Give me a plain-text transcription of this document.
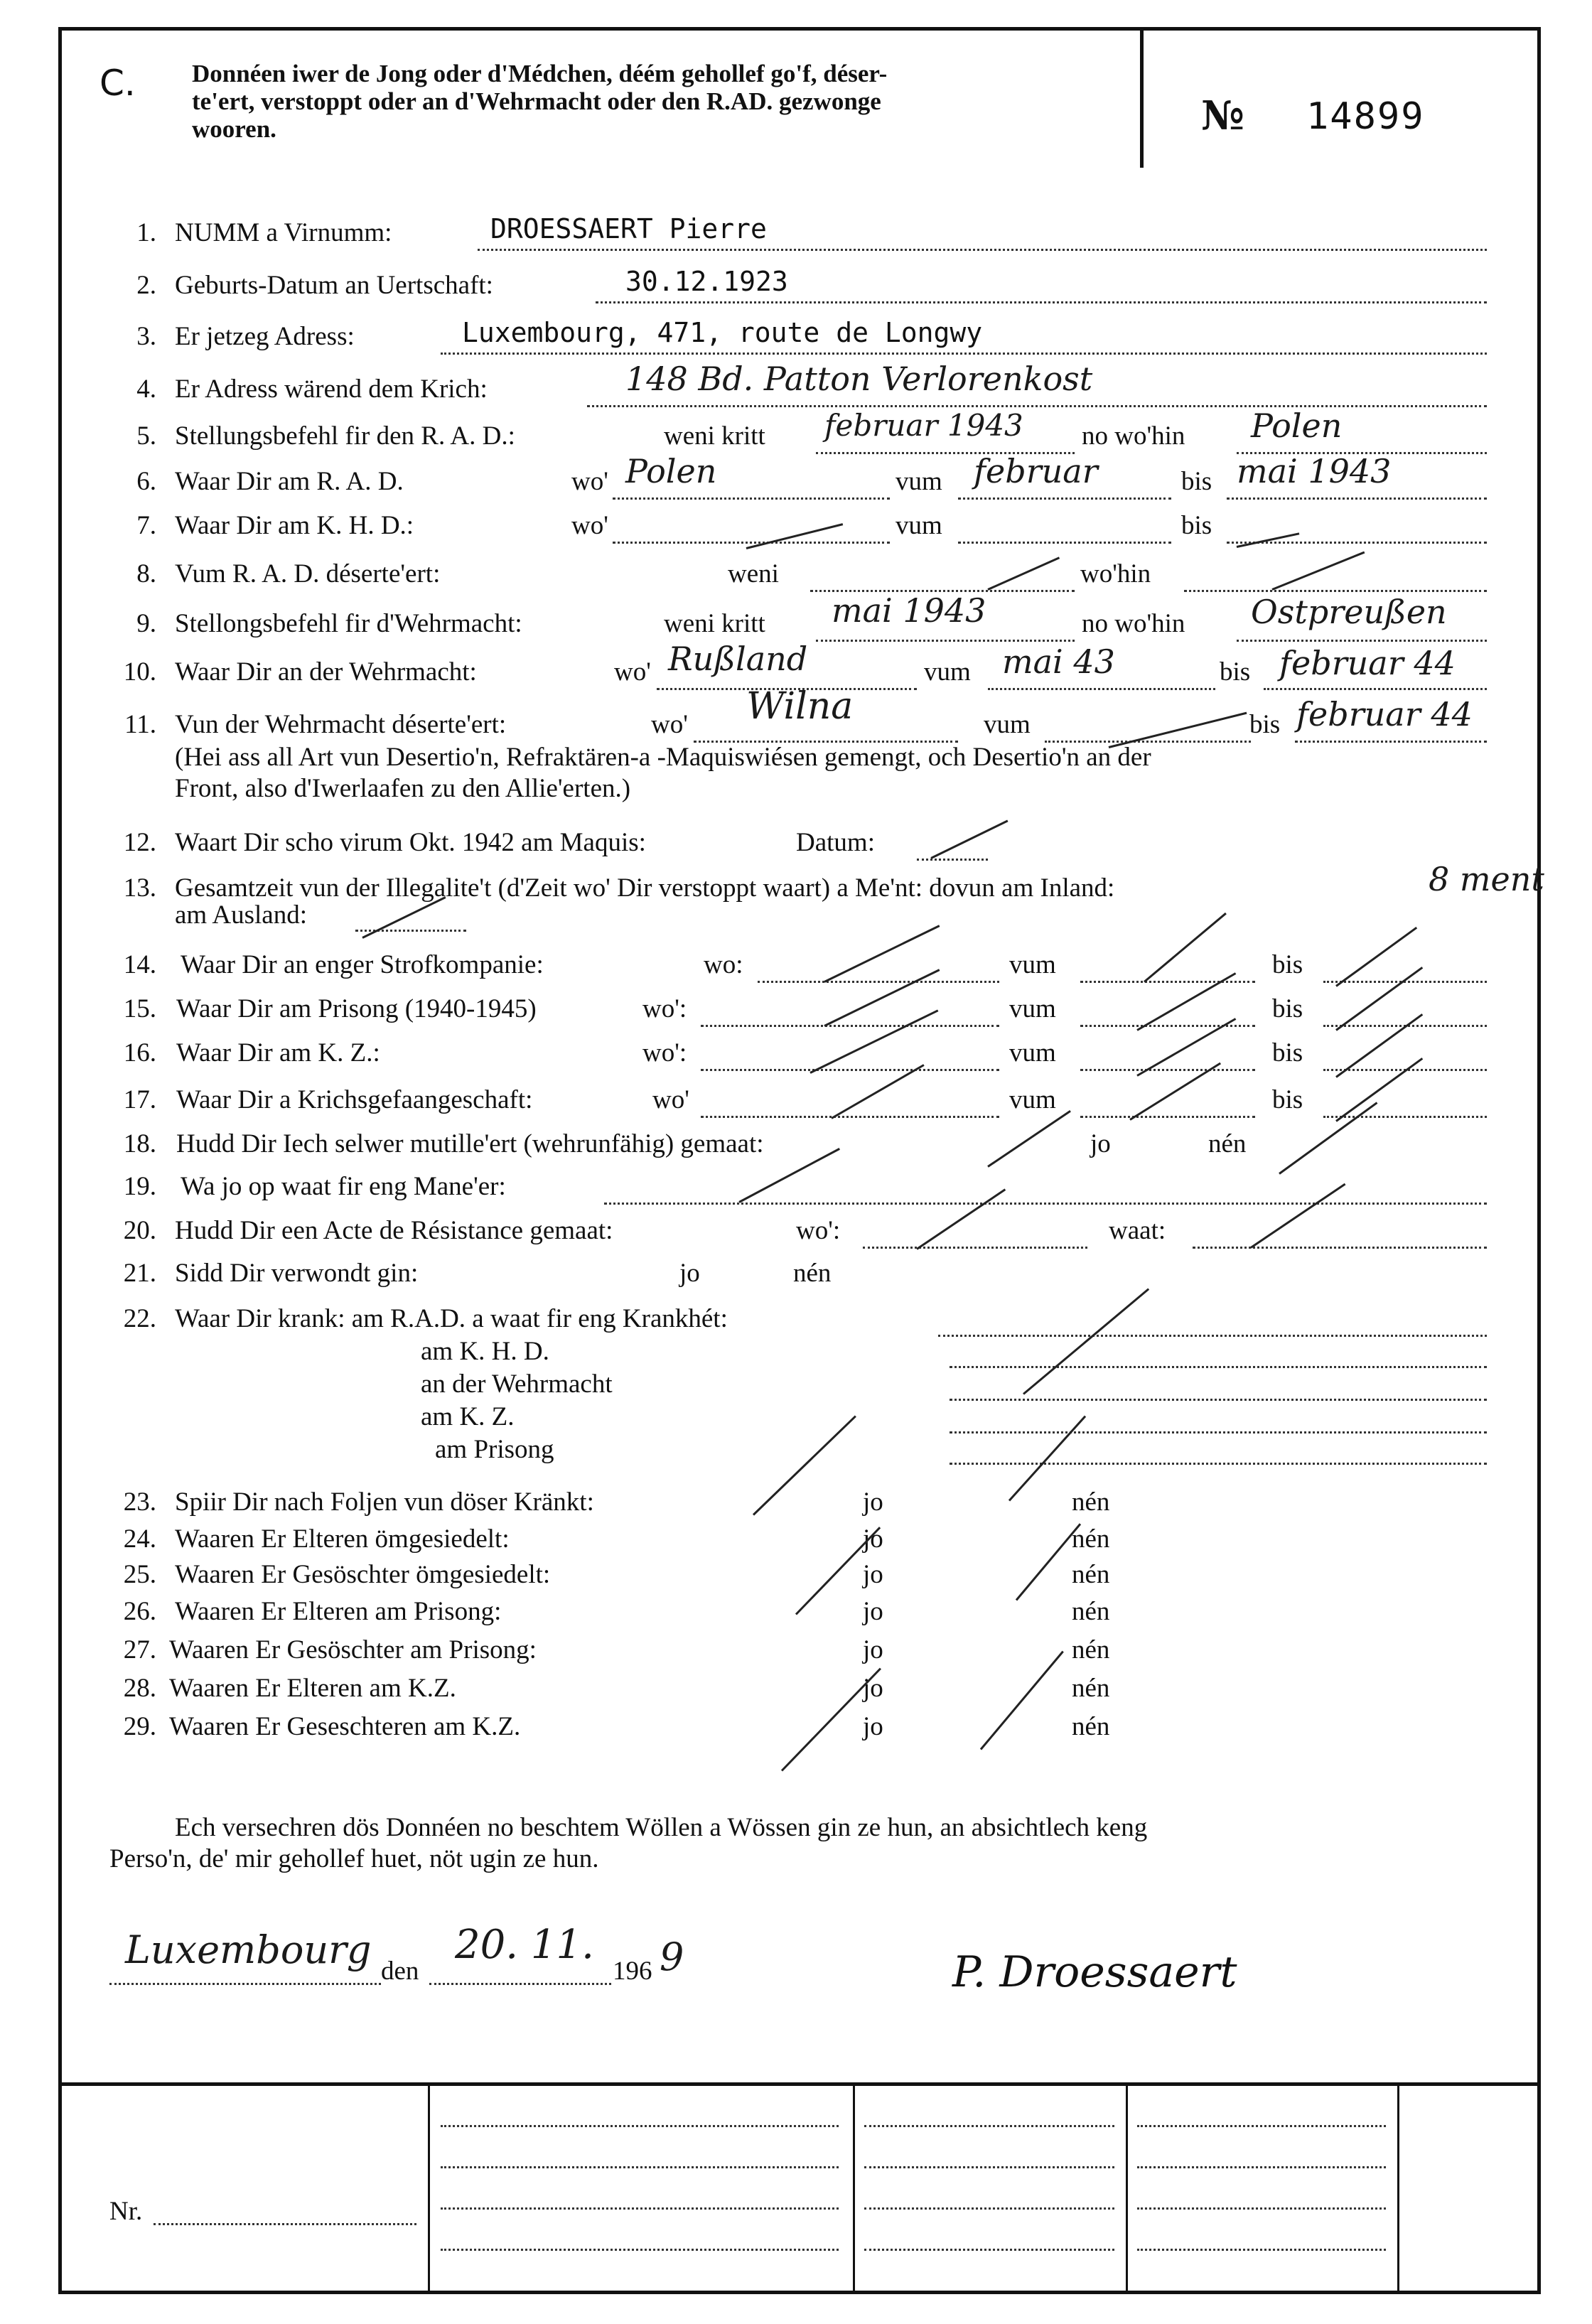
C. Donnéen iwer de Jong oder d'Médchen, déém gehollef go'f, déser-
te'ert, verstoppt oder an d'Wehrmacht oder den R.AD. gezwonge
wooren.	№ 14899
1. NUMM a Virnumm:	DROESSAERT Pierre
2. Geburts-Datum an Uertschaft:	30.12.1923
3. Er jetzeg Adress:	Luxembourg, 471, route de Longwy
4. Er Adress wärend dem Krich:	148 Bd. Patton Verlorenkost
5. Stellungsbefehl fir den R. A. D.:	weni kritt februar 1943 no wo'hin Polen
6. Waar Dir am R. A. D.	wo' Polen	vum februar	bis mai 1943
7. Waar Dir am K. H. D.:	wo'	vum	bis
8. Vum R. A. D. déserte'ert:	weni	wo'hin
9. Stellongsbefehl fir d'Wehrmacht:	weni kritt mai 1943	no wo'hin Ostpreußen
10. Waar Dir an der Wehrmacht:	wo' Rußland	vum mai 43	bis februar 44
11. Vun der Wehrmacht déserte'ert:	wo' Wilna	vum	bis februar 44
(Hei ass all Art vun Desertio'n, Refraktären-a -Maquiswiésen gemengt, och Desertio'n an der
Front, also d'Iwerlaafen zu den Allie'erten.)
12. Waart Dir scho virum Okt. 1942 am Maquis:	Datum:
13. Gesamtzeit vun der Illegalite't (d'Zeit wo' Dir verstoppt waart) a Me'nt: dovun am Inland:	8 ment
am Ausland:
14. Waar Dir an enger Strofkompanie:	wo:	vum	bis
15. Waar Dir am Prisong (1940-1945)	wo':	vum	bis
16. Waar Dir am K. Z.:	wo':	vum	bis
17. Waar Dir a Krichsgefaangeschaft:	wo'	vum	bis
18. Hudd Dir Iech selwer mutille'ert (wehrunfähig) gemaat:	jo	nén
19. Wa jo op waat fir eng Mane'er:
20. Hudd Dir een Acte de Résistance gemaat:	wo':	waat:
21. Sidd Dir verwondt gin:	jo	nén
22. Waar Dir krank: am R.A.D. a waat fir eng Krankhét:
am K. H. D.
an der Wehrmacht
am K. Z.
am Prisong
23. Spiir Dir nach Foljen vun döser Kränkt:	jo	nén
24. Waaren Er Elteren ömgesiedelt:	jo	nén
25. Waaren Er Gesöschter ömgesiedelt:	jo	nén
26. Waaren Er Elteren am Prisong:	jo	nén
27. Waaren Er Gesöschter am Prisong:	jo	nén
28. Waaren Er Elteren am K.Z.	jo	nén
29. Waaren Er Geseschteren am K.Z.	jo	nén
Ech versechren dös Donnéen no beschtem Wöllen a Wössen gin ze hun, an absichtlech keng
Perso'n, de' mir gehollef huet, nöt ugin ze hun.
Luxembourg den
20. 11.
196 9	P. Droessaert
Nr.
